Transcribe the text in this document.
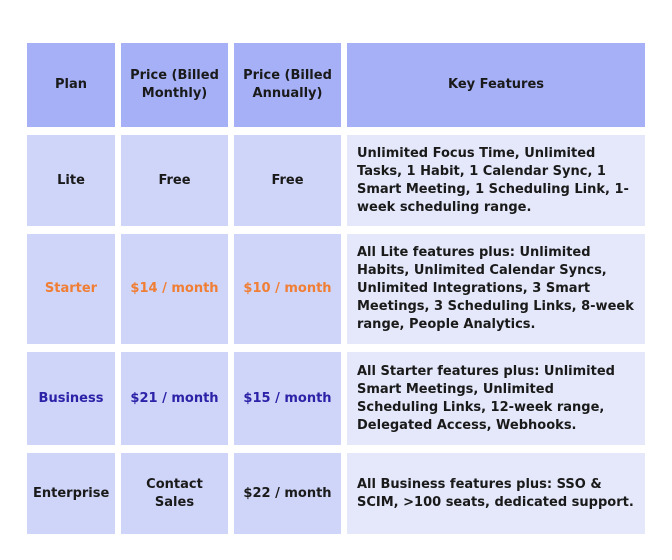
Plan	Price (Billed Monthly)	Price (Billed Annually)	Key Features
Lite	Free	Free	Unlimited Focus Time, Unlimited Tasks, 1 Habit, 1 Calendar Sync, 1 Smart Meeting, 1 Scheduling Link, 1-week scheduling range.
Starter	$14 / month	$10 / month	All Lite features plus: Unlimited Habits, Unlimited Calendar Syncs, Unlimited Integrations, 3 Smart Meetings, 3 Scheduling Links, 8-week range, People Analytics.
Business	$21 / month	$15 / month	All Starter features plus: Unlimited Smart Meetings, Unlimited Scheduling Links, 12-week range, Delegated Access, Webhooks.
Enterprise	Contact Sales	$22 / month	All Business features plus: SSO & SCIM, >100 seats, dedicated support.
